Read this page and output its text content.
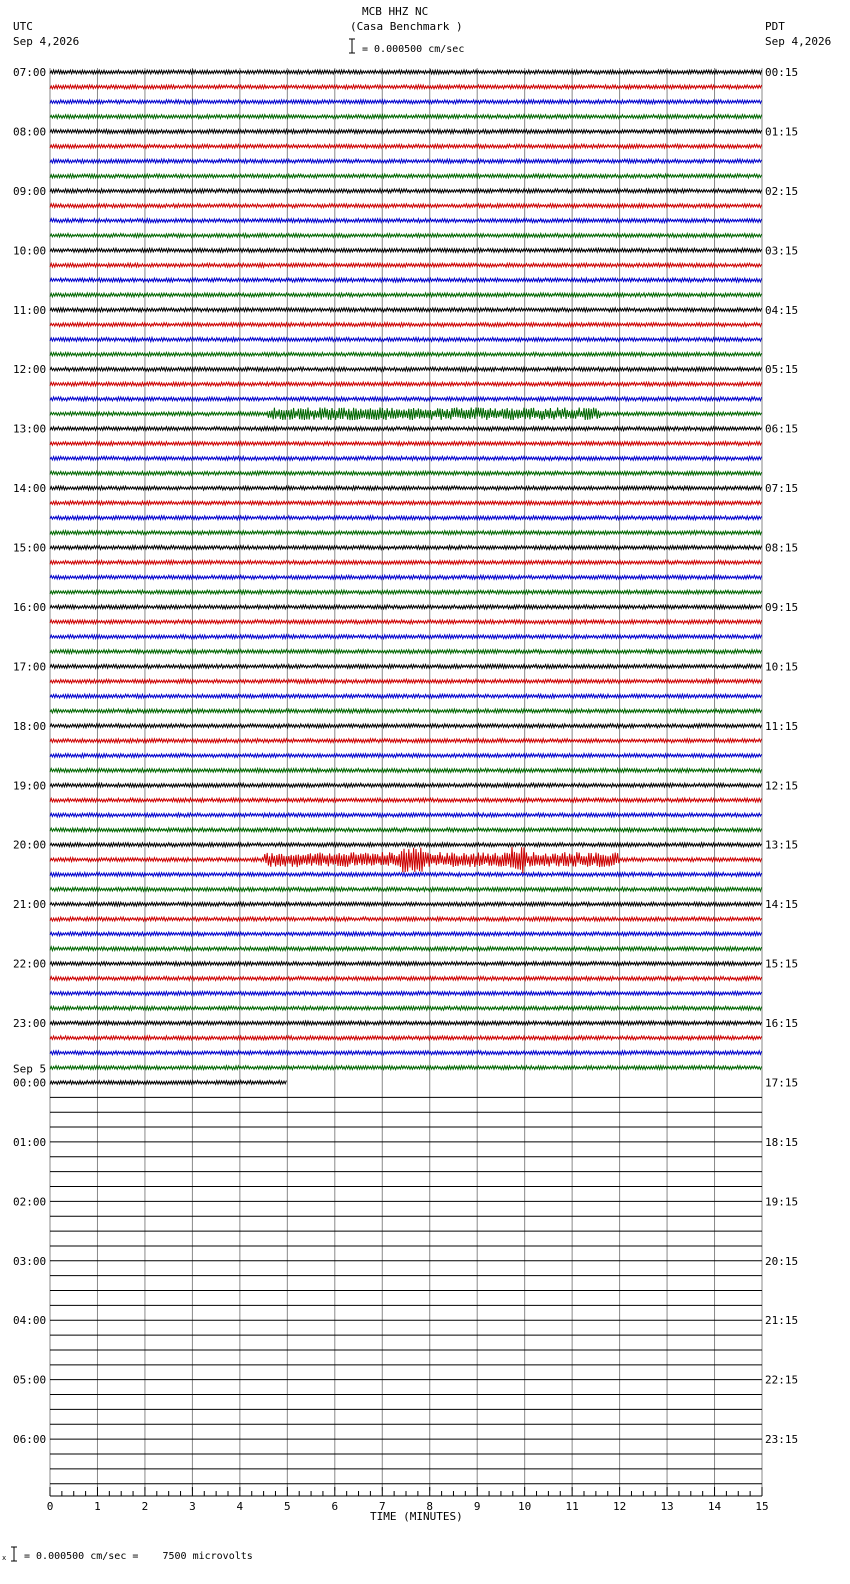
MCB HHZ NC
(Casa Benchmark )
= 0.000500 cm/sec
UTC
Sep 4,2026
PDT
Sep 4,2026
07:00	00:15
08:00	01:15
09:00	02:15
10:00	03:15
11:00	04:15
12:00	05:15
13:00	06:15
14:00	07:15
15:00	08:15
16:00	09:15
17:00	10:15
18:00	11:15
19:00	12:15
20:00	13:15
21:00	14:15
22:00	15:15
23:00	16:15
00:00	17:15
01:00	18:15
02:00	19:15
03:00	20:15
04:00	21:15
05:00	22:15
06:00	23:15
Sep 5
0	1	2	3	4	5	6	7	8	9	10	11	12	13	14	15
TIME (MINUTES)
x = 0.000500 cm/sec =    7500 microvolts
